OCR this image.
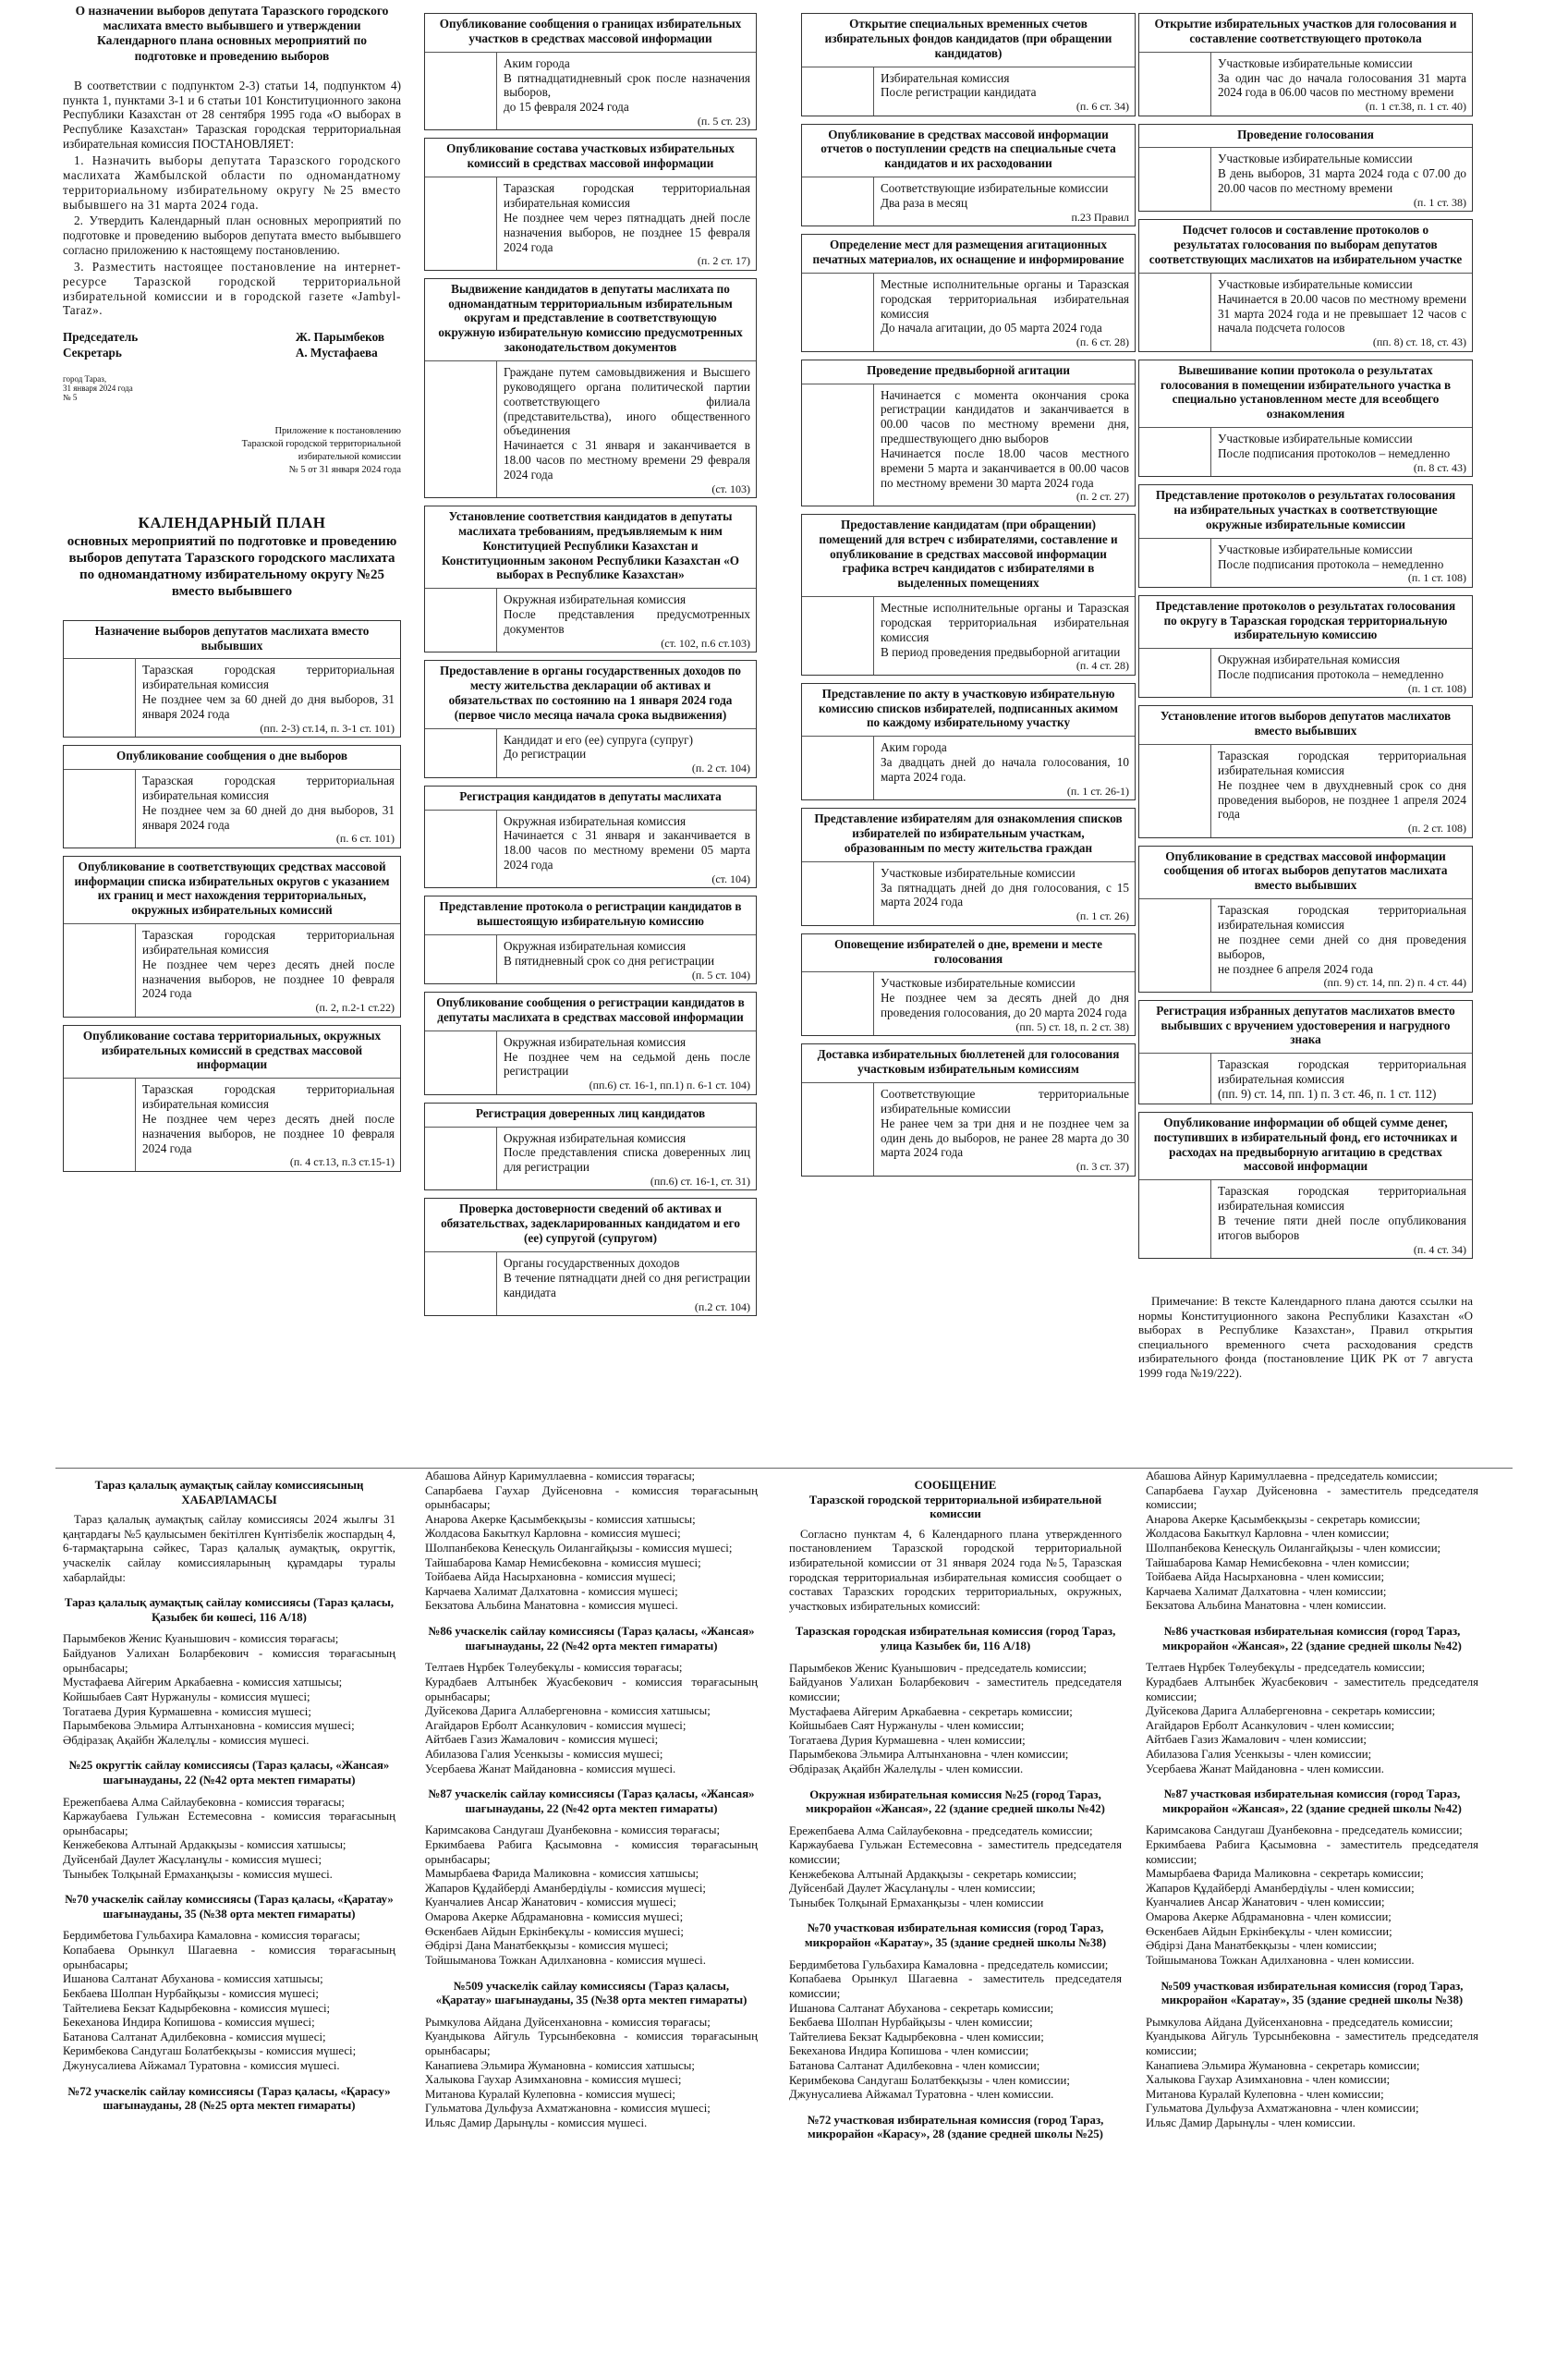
О назначении выборов депутата Таразского городского маслихата вместо выбывшего и утверждении Календарного плана основных мероприятий по подготовке и проведению выборов

В соответствии с подпунктом 2-3) статьи 14, подпунктом 4) пункта 1, пунктами 3-1 и 6 статьи 101 Конституционного закона Республики Казахстан от 28 сентября 1995 года «О выборах в Республике Казахстан» Таразская городская территориальная избирательная комиссия ПОСТАНОВЛЯЕТ:

1. Назначить выборы депутата Таразского городского маслихата Жамбылской области по одномандатному территориальному избирательному округу №25 вместо выбывшего на 31 марта 2024 года.

2. Утвердить Календарный план основных мероприятий по подготовке и проведению выборов депутата вместо выбывшего согласно приложению к настоящему постановлению.

3. Разместить настоящее постановление на интернет-ресурсе Таразской городской территориальной избирательной комиссии и в городской газете «Jambyl-Taraz».

Председатель
Секретарь
Ж. Парымбеков
А. Мустафаева
город Тараз,
31 января 2024 года
№ 5
Приложение к постановлению
Таразской городской территориальной
избирательной комиссии
№ 5 от 31 января 2024 года
КАЛЕНДАРНЫЙ ПЛАН
основных мероприятий по подготовке и проведению выборов депутата Таразского городского маслихата по одномандатному избирательному округу №25 вместо выбывшего
Назначение выборов депутатов маслихата вместо выбывших
Таразская городская территориальная избирательная комиссия
Не позднее чем за 60 дней до дня выборов, 31 января 2024 года
(пп. 2-3) ст.14, п. 3-1 ст. 101)
Опубликование сообщения о дне выборов
Таразская городская территориальная избирательная комиссия
Не позднее чем за 60 дней до дня выборов, 31 января 2024 года
(п. 6 ст. 101)
Опубликование в соответствующих средствах массовой информации списка избирательных округов с указанием их границ и мест нахождения территориальных, окружных избирательных комиссий
Таразская городская территориальная избирательная комиссия
Не позднее чем через десять дней после назначения выборов, не позднее 10 февраля 2024 года
(п. 2, п.2-1 ст.22)
Опубликование состава территориальных, окружных избирательных комиссий в средствах массовой информации
Таразская городская территориальная избирательная комиссия
Не позднее чем через десять дней после назначения выборов, не позднее 10 февраля 2024 года
(п. 4 ст.13, п.3 ст.15-1)
Опубликование сообщения о границах избирательных участков в средствах массовой информации
Аким города
В пятнадцатидневный срок после назначения выборов,
до 15 февраля 2024 года
(п. 5 ст. 23)
Опубликование состава участковых избирательных комиссий в средствах массовой информации
Таразская городская территориальная избирательная комиссия
Не позднее чем через пятнадцать дней после назначения выборов, не позднее 15 февраля 2024 года
(п. 2 ст. 17)
Выдвижение кандидатов в депутаты маслихата по одномандатным территориальным избирательным округам и представление в соответствующую окружную избирательную комиссию предусмотренных законодательством документов
Граждане путем самовыдвижения и Высшего руководящего органа политической партии соответствующего филиала (представительства), иного общественного объединения
Начинается с 31 января и заканчивается в 18.00 часов по местному времени 29 февраля 2024 года
(ст. 103)
Установление соответствия кандидатов в депутаты маслихата требованиям, предъявляемым к ним Конституцией Республики Казахстан и Конституционным законом Республики Казахстан «О выборах в Республике Казахстан»
Окружная избирательная комиссия
После представления предусмотренных документов
(ст. 102, п.6 ст.103)
Предоставление в органы государственных доходов по месту жительства декларации об активах и обязательствах по состоянию на 1 января 2024 года (первое число месяца начала срока выдвижения)
Кандидат и его (ее) супруга (супруг)
До регистрации
(п. 2 ст. 104)
Регистрация кандидатов в депутаты маслихата
Окружная избирательная комиссия
Начинается с 31 января и заканчивается в 18.00 часов по местному времени 05 марта 2024 года
(ст. 104)
Представление протокола о регистрации кандидатов в вышестоящую избирательную комиссию
Окружная избирательная комиссия
В пятидневный срок со дня регистрации
(п. 5 ст. 104)
Опубликование сообщения о регистрации кандидатов в депутаты маслихата в средствах массовой информации
Окружная избирательная комиссия
Не позднее чем на седьмой день после регистрации
(пп.6) ст. 16-1, пп.1) п. 6-1 ст. 104)
Регистрация доверенных лиц кандидатов
Окружная избирательная комиссия
После представления списка доверенных лиц для регистрации
(пп.6) ст. 16-1, ст. 31)
Проверка достоверности сведений об активах и обязательствах, задекларированных кандидатом и его (ее) супругой (супругом)
Органы государственных доходов
В течение пятнадцати дней со дня регистрации кандидата
(п.2 ст. 104)
Открытие специальных временных счетов избирательных фондов кандидатов (при обращении кандидатов)
Избирательная комиссия
После регистрации кандидата
(п. 6 ст. 34)
Опубликование в средствах массовой информации отчетов о поступлении средств на специальные счета кандидатов и их расходовании
Соответствующие избирательные комиссии
Два раза в месяц
п.23 Правил
Определение мест для размещения агитационных печатных материалов, их оснащение и информирование
Местные исполнительные органы и Таразская городская территориальная избирательная комиссия
До начала агитации, до 05 марта 2024 года
(п. 6 ст. 28)
Проведение предвыборной агитации
Начинается с момента окончания срока регистрации кандидатов и заканчивается в 00.00 часов по местному времени дня, предшествующего дню выборов
Начинается после 18.00 часов местного времени 5 марта и заканчивается в 00.00 часов по местному времени 30 марта 2024 года
(п. 2 ст. 27)
Предоставление кандидатам (при обращении) помещений для встреч с избирателями, составление и опубликование в средствах массовой информации графика встреч кандидатов с избирателями в выделенных помещениях
Местные исполнительные органы и Таразская городская территориальная избирательная комиссия
В период проведения предвыборной агитации
(п. 4 ст. 28)
Представление по акту в участковую избирательную комиссию списков избирателей, подписанных акимом по каждому избирательному участку
Аким города
За двадцать дней до начала голосования, 10 марта 2024 года.
(п. 1 ст. 26-1)
Представление избирателям для ознакомления списков избирателей по избирательным участкам, образованным по месту жительства граждан
Участковые избирательные комиссии
За пятнадцать дней до дня голосования, с 15 марта 2024 года
(п. 1 ст. 26)
Оповещение избирателей о дне, времени и месте голосования
Участковые избирательные комиссии
Не позднее чем за десять дней до дня проведения голосования, до 20 марта 2024 года
(пп. 5) ст. 18, п. 2 ст. 38)
Доставка избирательных бюллетеней для голосования участковым избирательным комиссиям
Соответствующие территориальные избирательные комиссии
Не ранее чем за три дня и не позднее чем за один день до выборов, не ранее 28 марта до 30 марта 2024 года
(п. 3 ст. 37)
Открытие избирательных участков для голосования и составление соответствующего протокола
Участковые избирательные комиссии
За один час до начала голосования 31 марта 2024 года в 06.00 часов по местному времени
(п. 1 ст.38, п. 1 ст. 40)
Проведение голосования
Участковые избирательные комиссии
В день выборов, 31 марта 2024 года с 07.00 до 20.00 часов по местному времени
(п. 1 ст. 38)
Подсчет голосов и составление протоколов о результатах голосования по выборам депутатов соответствующих маслихатов на избирательном участке
Участковые избирательные комиссии
Начинается в 20.00 часов по местному времени 31 марта 2024 года и не превышает 12 часов с начала подсчета голосов
(пп. 8) ст. 18, ст. 43)
Вывешивание копии протокола о результатах голосования в помещении избирательного участка в специально установленном месте для всеобщего ознакомления
Участковые избирательные комиссии
После подписания протоколов – немедленно
(п. 8 ст. 43)
Представление протоколов о результатах голосования на избирательных участках в соответствующие окружные избирательные комиссии
Участковые избирательные комиссии
После подписания протокола – немедленно
(п. 1 ст. 108)
Представление протоколов о результатах голосования по округу в Таразская городская территориальную избирательную комиссию
Окружная избирательная комиссия
После подписания протокола – немедленно
(п. 1 ст. 108)
Установление итогов выборов депутатов маслихатов вместо выбывших
Таразская городская территориальная избирательная комиссия
Не позднее чем в двухдневный срок со дня проведения выборов, не позднее 1 апреля 2024 года
(п. 2 ст. 108)
Опубликование в средствах массовой информации сообщения об итогах выборов депутатов маслихата вместо выбывших
Таразская городская территориальная избирательная комиссия
не позднее семи дней со дня проведения выборов,
не позднее 6 апреля 2024 года
(пп. 9) ст. 14, пп. 2) п. 4 ст. 44)
Регистрация избранных депутатов маслихатов вместо выбывших с вручением удостоверения и нагрудного знака
Таразская городская территориальная избирательная комиссия
(пп. 9) ст. 14, пп. 1) п. 3 ст. 46, п. 1 ст. 112)
Опубликование информации об общей сумме денег, поступивших в избирательный фонд, его источниках и расходах на предвыборную агитацию в средствах массовой информации
Таразская городская территориальная избирательная комиссия
В течение пяти дней после опубликования итогов выборов
(п. 4 ст. 34)

Примечание: В тексте Календарного плана даются ссылки на нормы Конституционного закона Республики Казахстан «О выборах в Республике Казахстан», Правил открытия специального временного счета расходования средств избирательного фонда (постановление ЦИК РК от 7 августа 1999 года №19/222).

Тараз қалалық аумақтық сайлау комиссиясының ХАБАРЛАМАСЫ

Тараз қалалық аумақтық сайлау комиссиясы 2024 жылғы 31 қаңтардағы №5 қаулысымен бекітілген Күнтізбелік жоспардың 4, 6-тармақтарына сәйкес, Тараз қалалық аумақтық, округтік, учаскелік сайлау комиссияларының құрамдары туралы хабарлайды:

Тараз қалалық аумақтық сайлау комиссиясы (Тараз қаласы, Қазыбек би көшесі, 116 А/18)
Парымбеков Женис Куанышович - комиссия төрағасы;
Байдуанов Уалихан Боларбекович - комиссия төрағасының орынбасары;
Мустафаева Айгерим Аркабаевна - комиссия хатшысы;
Койшыбаев Саят Нуржанулы - комиссия мүшесі;
Тогатаева Дурия Курмашевна - комиссия мүшесі;
Парымбекова Эльмира Алтынхановна - комиссия мүшесі;
Әбдіразақ Ақайбн Жалелұлы - комиссия мүшесі.
№25 округтік сайлау комиссиясы (Тараз қаласы, «Жансая» шағынауданы, 22 (№42 орта мектеп ғимараты)
Ережепбаева Алма Сайлаубековна - комиссия төрағасы;
Каржаубаева Гульжан Естемесовна - комиссия төрағасының орынбасары;
Кенжебекова Алтынай Ардакқызы - комиссия хатшысы;
Дуйсенбай Даулет Жасұланұлы - комиссия мүшесі;
Тыныбек Толқынай Ермаханқызы - комиссия мүшесі.
№70 учаскелік сайлау комиссиясы (Тараз қаласы, «Қаратау» шағынауданы, 35 (№38 орта мектеп ғимараты)
Бердимбетова Гульбахира Камаловна - комиссия төрағасы;
Копабаева Орынкул Шагаевна - комиссия төрағасының орынбасары;
Ишанова Салтанат Абуханова - комиссия хатшысы;
Бекбаева Шолпан Нурбайқызы - комиссия мүшесі;
Тайтелиева Бекзат Кадырбековна - комиссия мүшесі;
Бекеханова Индира Копишова - комиссия мүшесі;
Батанова Салтанат Адилбековна - комиссия мүшесі;
Керимбекова Сандугаш Болатбекқызы - комиссия мүшесі;
Джунусалиева Айжамал Туратовна - комиссия мүшесі.
№72 учаскелік сайлау комиссиясы (Тараз қаласы, «Қарасу» шағынауданы, 28 (№25 орта мектеп ғимараты)
Абашова Айнур Каримуллаевна - комиссия төрағасы;
Сапарбаева Гаухар Дуйсеновна - комиссия төрағасының орынбасары;
Анарова Акерке Қасымбекқызы - комиссия хатшысы;
Жолдасова Бакыткул Карловна - комиссия мүшесі;
Шолпанбекова Кенесқуль Оилангайқызы - комиссия мүшесі;
Тайшабарова Камар Немисбековна - комиссия мүшесі;
Тойбаева Айда Насырхановна - комиссия мүшесі;
Карчаева Халимат Далхатовна - комиссия мүшесі;
Бекзатова Альбина Манатовна - комиссия мүшесі.
№86 учаскелік сайлау комиссиясы (Тараз қаласы, «Жансая» шағынауданы, 22 (№42 орта мектеп ғимараты)
Телтаев Нұрбек Төлеубекұлы - комиссия төрағасы;
Курадбаев Алтынбек Жуасбекович - комиссия төрағасының орынбасары;
Дуйсекова Дарига Аллабергеновна - комиссия хатшысы;
Агайдаров Ерболт Асанкулович - комиссия мүшесі;
Айтбаев Газиз Жамалович - комиссия мүшесі;
Абилазова Галия Усенкызы - комиссия мүшесі;
Усербаева Жанат Майдановна - комиссия мүшесі.
№87 учаскелік сайлау комиссиясы (Тараз қаласы, «Жансая» шағынауданы, 22 (№42 орта мектеп ғимараты)
Каримсакова Сандугаш Дуанбековна - комиссия төрағасы;
Еркимбаева Рабига Қасымовна - комиссия төрағасының орынбасары;
Мамырбаева Фарида Маликовна - комиссия хатшысы;
Жапаров Құдайберді Аманбердіұлы - комиссия мүшесі;
Куанчалиев Ансар Жанатович - комиссия мүшесі;
Омарова Акерке Абдрамановна - комиссия мүшесі;
Өскенбаев Айдын Еркінбекұлы - комиссия мүшесі;
Әбдірзі Дана Манатбекқызы - комиссия мүшесі;
Тойшыманова Тожкан Адилхановна - комиссия мүшесі.
№509 учаскелік сайлау комиссиясы (Тараз қаласы, «Қаратау» шағынауданы, 35 (№38 орта мектеп ғимараты)
Рымкулова Айдана Дуйсенхановна - комиссия төрағасы;
Куандыкова Айгуль Турсынбековна - комиссия төрағасының орынбасары;
Канапиева Эльмира Жумановна - комиссия хатшысы;
Халыкова Гаухар Азимхановна - комиссия мүшесі;
Митанова Куралай Кулеповна - комиссия мүшесі;
Гульматова Дульфуза Ахматжановна - комиссия мүшесі;
Ильяс Дамир Дарынұлы - комиссия мүшесі.
СООБЩЕНИЕ
Таразской городской территориальной избирательной комиссии

Согласно пунктам 4, 6 Календарного плана утвержденного постановлением Таразской городской территориальной избирательной комиссии от 31 января 2024 года №5, Таразская городская территориальная избирательная комиссия сообщает о составах Таразских городских территориальных, окружных, участковых избирательных комиссий:

Таразская городская избирательная комиссия (город Тараз, улица Казыбек би, 116 А/18)
Парымбеков Женис Куанышович - председатель комиссии;
Байдуанов Уалихан Боларбекович - заместитель председателя комиссии;
Мустафаева Айгерим Аркабаевна - секретарь комиссии;
Койшыбаев Саят Нуржанулы - член комиссии;
Тогатаева Дурия Курмашевна - член комиссии;
Парымбекова Эльмира Алтынхановна - член комиссии;
Әбдіразақ Ақайбн Жалелұлы - член комиссии.
Окружная избирательная комиссия №25 (город Тараз, микрорайон «Жансая», 22 (здание средней школы №42)
Ережепбаева Алма Сайлаубековна - председатель комиссии;
Каржаубаева Гульжан Естемесовна - заместитель председателя комиссии;
Кенжебекова Алтынай Ардакқызы - секретарь комиссии;
Дуйсенбай Даулет Жасұланұлы - член комиссии;
Тыныбек Толқынай Ермаханқызы - член комиссии
№70 участковая избирательная комиссия (город Тараз, микрорайон «Каратау», 35 (здание средней школы №38)
Бердимбетова Гульбахира Камаловна - председатель комиссии;
Копабаева Орынкул Шагаевна - заместитель председателя комиссии;
Ишанова Салтанат Абуханова - секретарь комиссии;
Бекбаева Шолпан Нурбайқызы - член комиссии;
Тайтелиева Бекзат Кадырбековна - член комиссии;
Бекеханова Индира Копишова - член комиссии;
Батанова Салтанат Адилбековна - член комиссии;
Керимбекова Сандугаш Болатбекқызы - член комиссии;
Джунусалиева Айжамал Туратовна - член комиссии.
№72 участковая избирательная комиссия (город Тараз, микрорайон «Карасу», 28 (здание средней школы №25)
Абашова Айнур Каримуллаевна - председатель комиссии;
Сапарбаева Гаухар Дуйсеновна - заместитель председателя комиссии;
Анарова Акерке Қасымбекқызы - секретарь комиссии;
Жолдасова Бакыткул Карловна - член комиссии;
Шолпанбекова Кенесқуль Оилангайқызы - член комиссии;
Тайшабарова Камар Немисбековна - член комиссии;
Тойбаева Айда Насырхановна - член комиссии;
Карчаева Халимат Далхатовна - член комиссии;
Бекзатова Альбина Манатовна - член комиссии.
№86 участковая избирательная комиссия (город Тараз, микрорайон «Жансая», 22 (здание средней школы №42)
Телтаев Нұрбек Төлеубекұлы - председатель комиссии;
Курадбаев Алтынбек Жуасбекович - заместитель председателя комиссии;
Дуйсекова Дарига Аллабергеновна - секретарь комиссии;
Агайдаров Ерболт Асанкулович - член комиссии;
Айтбаев Газиз Жамалович - член комиссии;
Абилазова Галия Усенкызы - член комиссии;
Усербаева Жанат Майдановна - член комиссии.
№87 участковая избирательная комиссия (город Тараз, микрорайон «Жансая», 22 (здание средней школы №42)
Каримсакова Сандугаш Дуанбековна - председатель комиссии;
Еркимбаева Рабига Қасымовна - заместитель председателя комиссии;
Мамырбаева Фарида Маликовна - секретарь комиссии;
Жапаров Құдайберді Аманбердіұлы - член комиссии;
Куанчалиев Ансар Жанатович - член комиссии;
Омарова Акерке Абдрамановна - член комиссии;
Өскенбаев Айдын Еркінбекұлы - член комиссии;
Әбдірзі Дана Манатбекқызы - член комиссии;
Тойшыманова Тожкан Адилхановна - член комиссии.
№509 участковая избирательная комиссия (город Тараз, микрорайон «Каратау», 35 (здание средней школы №38)
Рымкулова Айдана Дуйсенхановна - председатель комиссии;
Куандыкова Айгуль Турсынбековна - заместитель председателя комиссии;
Канапиева Эльмира Жумановна - секретарь комиссии;
Халыкова Гаухар Азимхановна - член комиссии;
Митанова Куралай Кулеповна - член комиссии;
Гульматова Дульфуза Ахматжановна - член комиссии;
Ильяс Дамир Дарынұлы - член комиссии.
